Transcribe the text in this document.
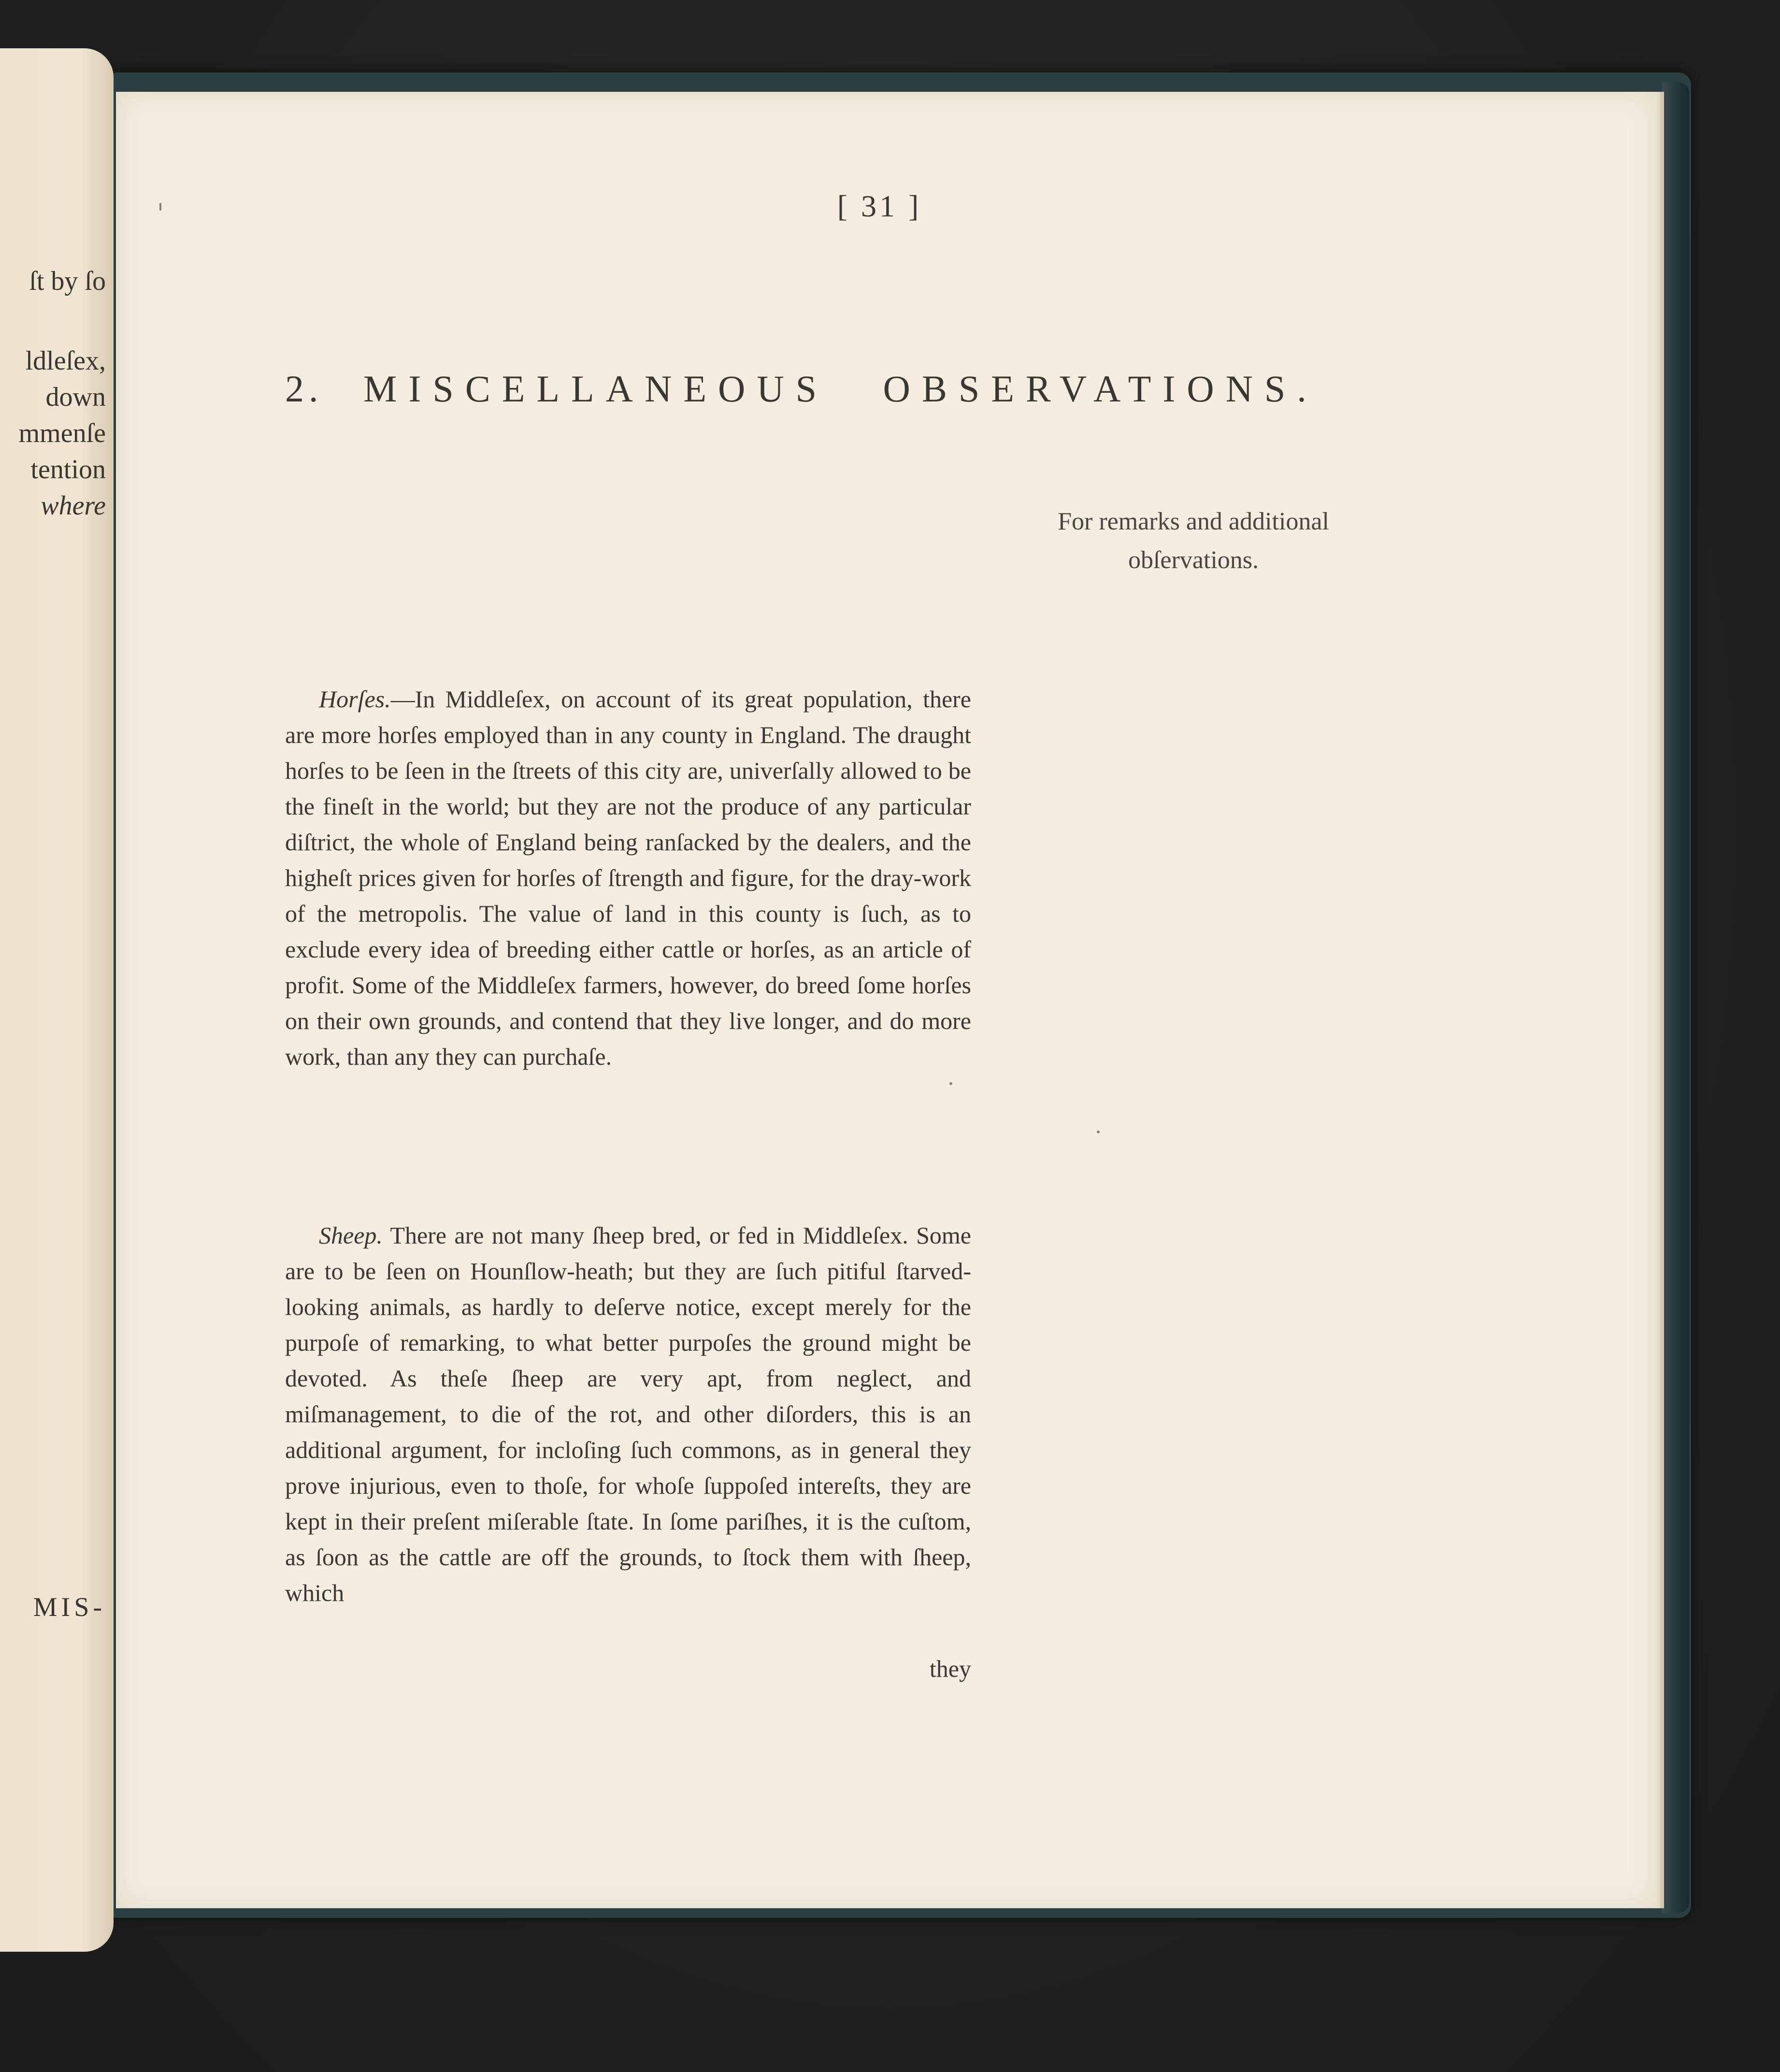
ſt by ſo
ldleſex,
down
mmenſe
tention
where
MIS-
[ 31 ]
2. MISCELLANEOUS OBSERVATIONS.
For remarks and additional
obſervations.
Horſes.—In Middleſex, on account of its great population, there are more horſes employed than in any county in England. The draught horſes to be ſeen in the ſtreets of this city are, univerſally allowed to be the fineſt in the world; but they are not the produce of any particular diſtrict, the whole of England being ranſacked by the dealers, and the higheſt prices given for horſes of ſtrength and figure, for the dray-work of the metropolis. The value of land in this county is ſuch, as to exclude every idea of breeding either cattle or horſes, as an article of profit. Some of the Middleſex farmers, however, do breed ſome horſes on their own grounds, and contend that they live longer, and do more work, than any they can purchaſe.
Sheep. There are not many ſheep bred, or fed in Middleſex. Some are to be ſeen on Hounſlow-heath; but they are ſuch pitiful ſtarved-looking animals, as hardly to deſerve notice, except merely for the purpoſe of remarking, to what better purpoſes the ground might be devoted. As theſe ſheep are very apt, from neglect, and miſmanagement, to die of the rot, and other diſorders, this is an additional argument, for incloſing ſuch commons, as in general they prove injurious, even to thoſe, for whoſe ſuppoſed intereſts, they are kept in their preſent miſerable ſtate. In ſome pariſhes, it is the cuſtom, as ſoon as the cattle are off the grounds, to ſtock them with ſheep, which
they
